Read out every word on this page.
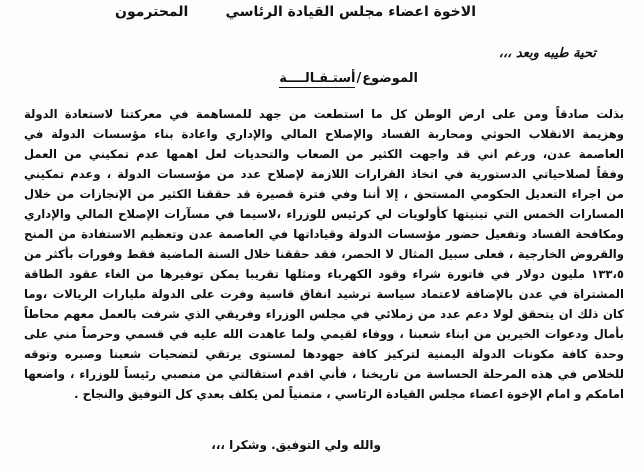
الاخوة اعضاء مجلس القيادة الرئاسي
المحترمون
تحية طيبه وبعد ،،،
الموضوع/أستـقـالــــة
بذلت صادقاً ومن على ارض الوطن كل ما استطعت من جهد للمساهمة في معركتنا لاستعادة الدولة
وهزيمة الانقلاب الحوثي ومحاربة الفساد والإصلاح المالي والإداري واعادة بناء مؤسسات الدولة في
العاصمة عدن، ورغم اني قد واجهت الكثير من الصعاب والتحديات لعل اهمها عدم تمكيني من العمل
وفقاً لصلاحياتي الدستورية في اتخاذ القرارات اللازمة لإصلاح عدد من مؤسسات الدولة ، وعدم تمكيني
من اجراء التعديل الحكومي المستحق ، إلا أننا وفي فترة قصيرة قد حققنا الكثير من الإنجازات من خلال
المسارات الخمس التي تبنيتها كأولويات لي كرئيس للوزراء ،لاسيما في مسآرات الإصلاح المالي والإداري
ومكافحة الفساد وتفعيل حضور مؤسسات الدولة وقياداتها في العاصمة عدن وتعظيم الاستفادة من المنح
والقروض الخارجية ، فعلى سبيل المثال لا الحصر، فقد حققنا خلال السنة الماضية فقط وفورات بأكثر من
١٣٣،٥ مليون دولار في فاتورة شراء وقود الكهرباء ومثلها تقريبا يمكن توفيرها من الغاء عقود الطاقة
المشتراة في عدن بالإضافة لاعتماد سياسة ترشيد انفاق قاسية وفرت على الدولة مليارات الريالات ،وما
كان ذلك ان يتحقق لولا دعم عدد من زملائي في مجلس الوزراء وفريقي الذي شرفت بالعمل معهم محاطاً
بأمال ودعوات الخيرين من ابناء شعبنا ، ووفاء لقيمي ولما عاهدت الله عليه في قسمي وحرصاً مني على
وحدة كافة مكونات الدولة اليمنية لتركيز كافة جهودها لمستوى يرتقي لتضحيات شعبنا وصبره وتوقه
للخلاص في هذه المرحلة الحساسة من تاريخنا ، فأني اقدم استقالتي من منصبي رئيساً للوزراء ، واضعها
امامكم و امام الإخوة اعضاء مجلس القيادة الرئاسي ، متمنياً لمن يكلف بعدي كل التوفيق والنجاح .
والله ولي التوفيق. وشكرا ،،،
